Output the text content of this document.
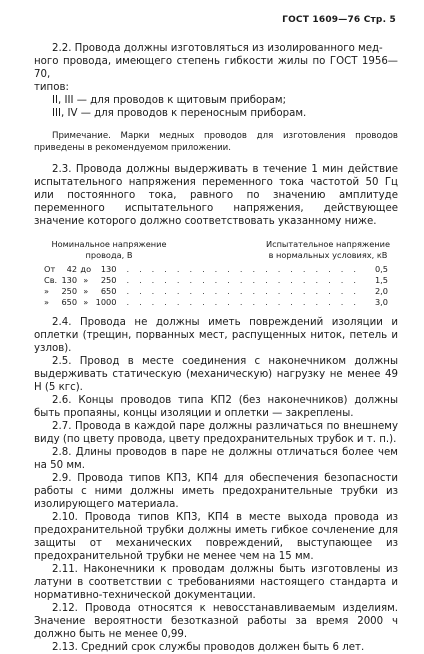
ГОСТ 1609—76 Стр. 5

2.2. Провода должны изготовляться из изолированного мед-

ного провода, имеющего степень гибкости жилы по ГОСТ 1956—70,

типов:

II, III — для проводов к щитовым приборам;
III, IV — для проводов к переносным приборам.

Примечание. Марки медных проводов для изготовления проводов приведены в рекомендуемом приложении.

2.3. Провода должны выдерживать в течение 1 мин действие испытательного напряжения переменного тока частотой 50 Гц или постоянного тока, равного по значению амплитуде переменного испытательного напряжения, действующее значение которого должно соответствовать указанному ниже.

Номинальное напряжение
провода, В
Испытательное напряжение
в нормальных условиях, кВ
От	42 до	130	...................	0,5
Св. 130 »	250	...................	1,5
»	250 »	650	...................	2,0
»	650 » 1000	...................	3,0

2.4. Провода не должны иметь повреждений изоляции и оплетки (трещин, порванных мест, распущенных ниток, петель и узлов).

2.5. Провод в месте соединения с наконечником должны выдерживать статическую (механическую) нагрузку не менее 49 Н (5 кгс).

2.6. Концы проводов типа КП2 (без наконечников) должны быть пропаяны, концы изоляции и оплетки — закреплены.

2.7. Провода в каждой паре должны различаться по внешнему виду (по цвету провода, цвету предохранительных трубок и т. п.).

2.8. Длины проводов в паре не должны отличаться более чем на 50 мм.

2.9. Провода типов КП3, КП4 для обеспечения безопасности работы с ними должны иметь предохранительные трубки из изолирующего материала.

2.10. Провода типов КП3, КП4 в месте выхода провода из предохранительной трубки должны иметь гибкое сочленение для защиты от механических повреждений, выступающее из предохранительной трубки не менее чем на 15 мм.

2.11. Наконечники к проводам должны быть изготовлены из латуни в соответствии с требованиями настоящего стандарта и нормативно-технической документации.

2.12. Провода относятся к невосстанавливаемым изделиям. Значение вероятности безотказной работы за время 2000 ч должно быть не менее 0,99.

2.13. Средний срок службы проводов должен быть 6 лет.
